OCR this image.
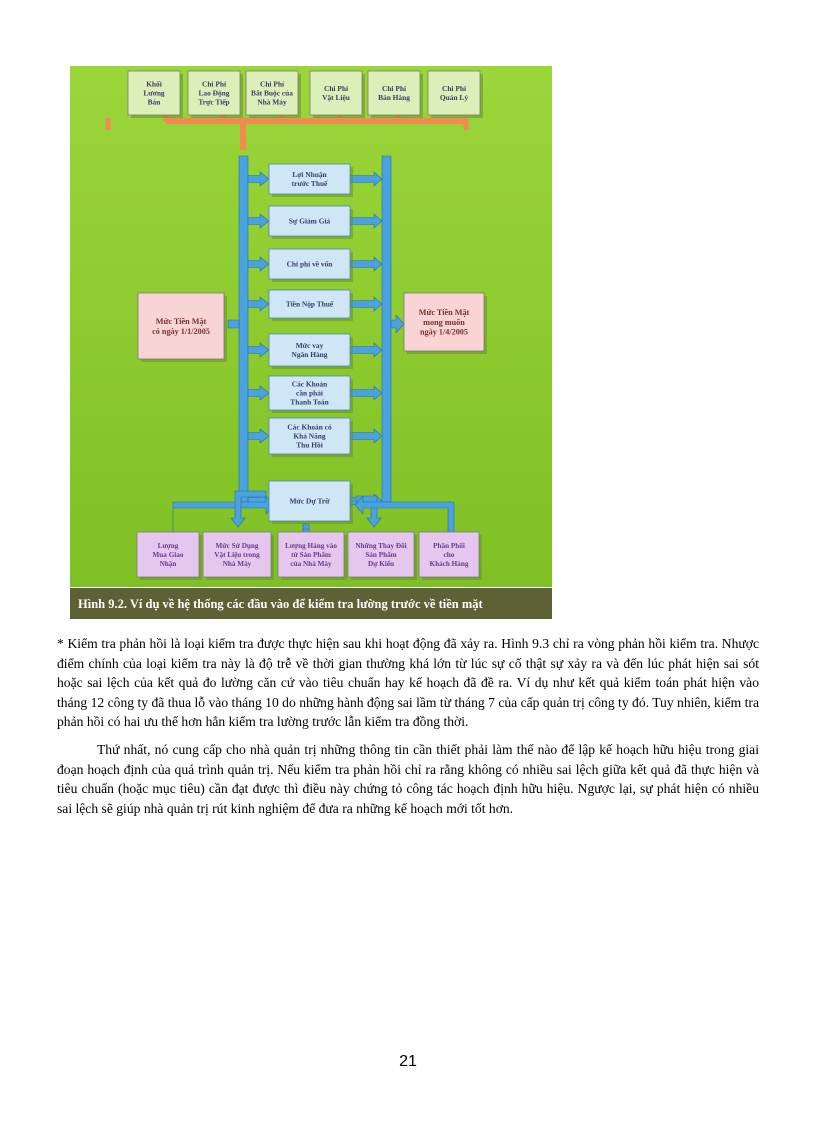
Khối
Lương
Bán
Chi Phí
Lao Động
Trực Tiếp
Chi Phí
Bắt Buộc của
Nhà Máy
Chi Phí
Vật Liệu
Chi Phí
Bán Hàng
Chi Phí
Quản Lý
Lợi Nhuận
trước Thuế
Sự Giảm Giá
Chi phí về vốn
Tiền Nộp Thuế
Mức vay
Ngân Hàng
Các Khoản
cần phải
Thanh Toán
Các Khoản có
Khả Năng
Thu Hồi
Mức Dự Trữ
Mức Tiền Mặt
có ngày 1/1/2005
Mức Tiền Mặt
mong muốn
ngày 1/4/2005
Lượng
Mua Giao
Nhận
Mức Sử Dụng
Vật Liệu trong
Nhà Máy
Lượng Hàng vào
từ Sản Phẩm
của Nhà Máy
Những Thay Đổi
Sản Phẩm
Dự Kiến
Phân Phối
cho
Khách Hàng
Hình 9.2. Ví dụ về hệ thống các đầu vào để kiểm tra lường trước về tiền mặt

* Kiểm tra phản hồi là loại kiểm tra được thực hiện sau khi hoạt động đã xảy ra. Hình 9.3 chỉ ra vòng phản hồi kiểm tra. Nhược điểm chính của loại kiểm tra này là độ trễ về thời gian thường khá lớn từ lúc sự cố thật sự xảy ra và đến lúc phát hiện sai sót hoặc sai lệch của kết quả đo lường căn cứ vào tiêu chuẩn hay kế hoạch đã đề ra. Ví dụ như kết quả kiểm toán phát hiện vào tháng 12 công ty đã thua lỗ vào tháng 10 do những hành động sai lầm từ tháng 7 của cấp quản trị công ty đó. Tuy nhiên, kiểm tra phản hồi có hai ưu thế hơn hẳn kiểm tra lường trước lẫn kiểm tra đồng thời.

Thứ nhất, nó cung cấp cho nhà quản trị những thông tin cần thiết phải làm thế nào để lập kế hoạch hữu hiệu trong giai đoạn hoạch định của quá trình quản trị. Nếu kiểm tra phản hồi chỉ ra rằng không có nhiều sai lệch giữa kết quả đã thực hiện và tiêu chuẩn (hoặc mục tiêu) cần đạt được thì điều này chứng tỏ công tác hoạch định hữu hiệu. Ngược lại, sự phát hiện có nhiều sai lệch sẽ giúp nhà quản trị rút kinh nghiệm để đưa ra những kế hoạch mới tốt hơn.

21
